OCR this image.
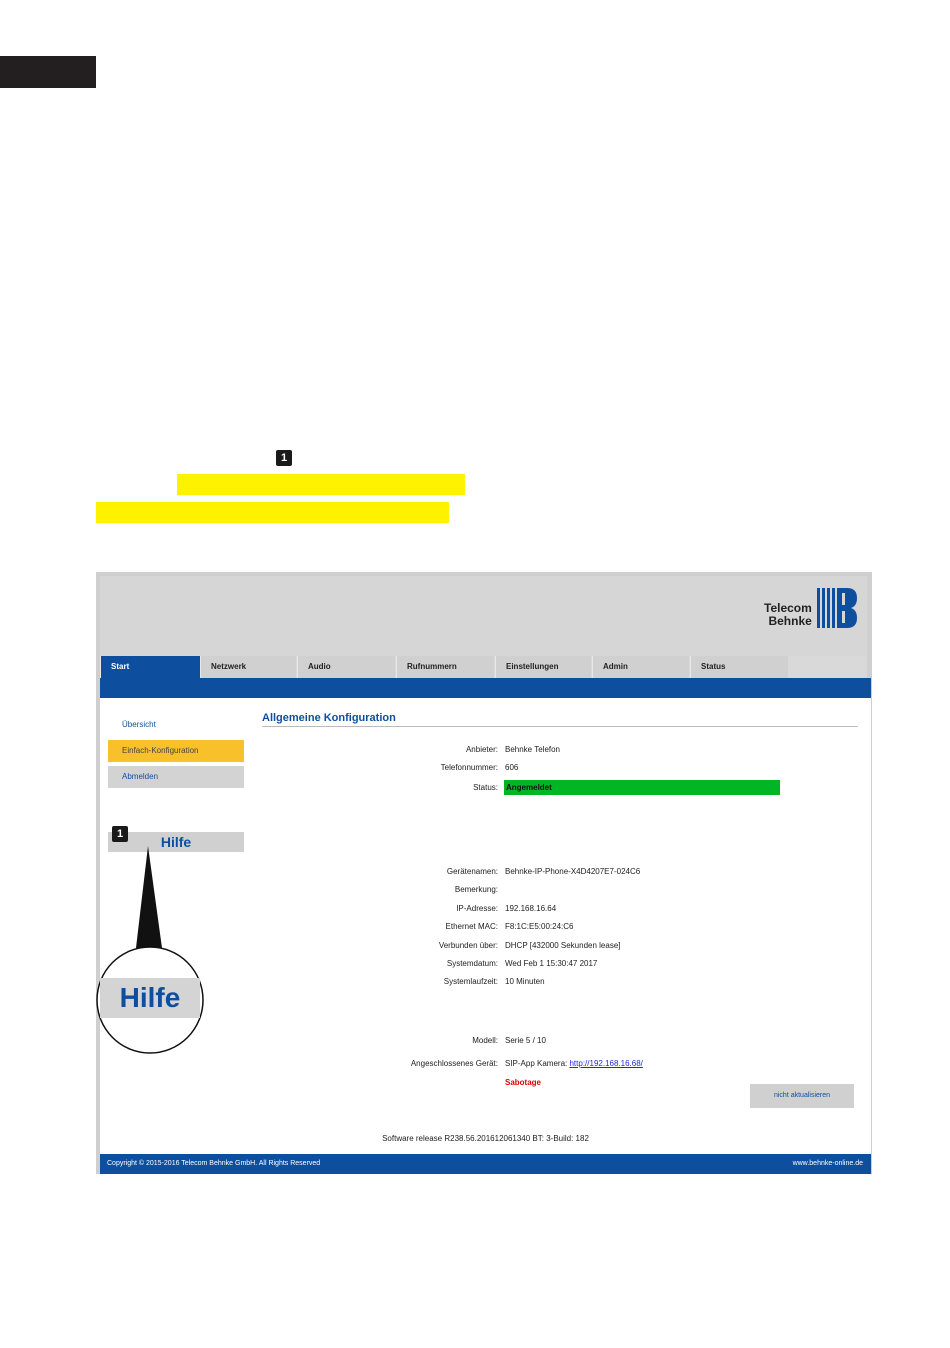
1
Telecom
Behnke
Start	Netzwerk	Audio	Rufnummern	Einstellungen	Admin	Status
Übersicht
Einfach-Konfiguration
Abmelden
Hilfe
1
Allgemeine Konfiguration
Anbieter: Behnke Telefon
Telefonnummer: 606
Status: Angemeldet
Gerätenamen: Behnke-IP-Phone-X4D4207E7-024C6
Bemerkung:
IP-Adresse: 192.168.16.64
Ethernet MAC: F8:1C:E5:00:24:C6
Verbunden über: DHCP [432000 Sekunden lease]
Systemdatum: Wed Feb 1 15:30:47 2017
Systemlaufzeit: 10 Minuten
Modell: Serie 5 / 10
Angeschlossenes Gerät: SIP-App Kamera: http://192.168.16.68/
Sabotage
nicht aktualisieren
Software release R238.56.201612061340 BT: 3-Build: 182
Copyright © 2015-2016 Telecom Behnke GmbH. All Rights Reserved	www.behnke-online.de
Hilfe
